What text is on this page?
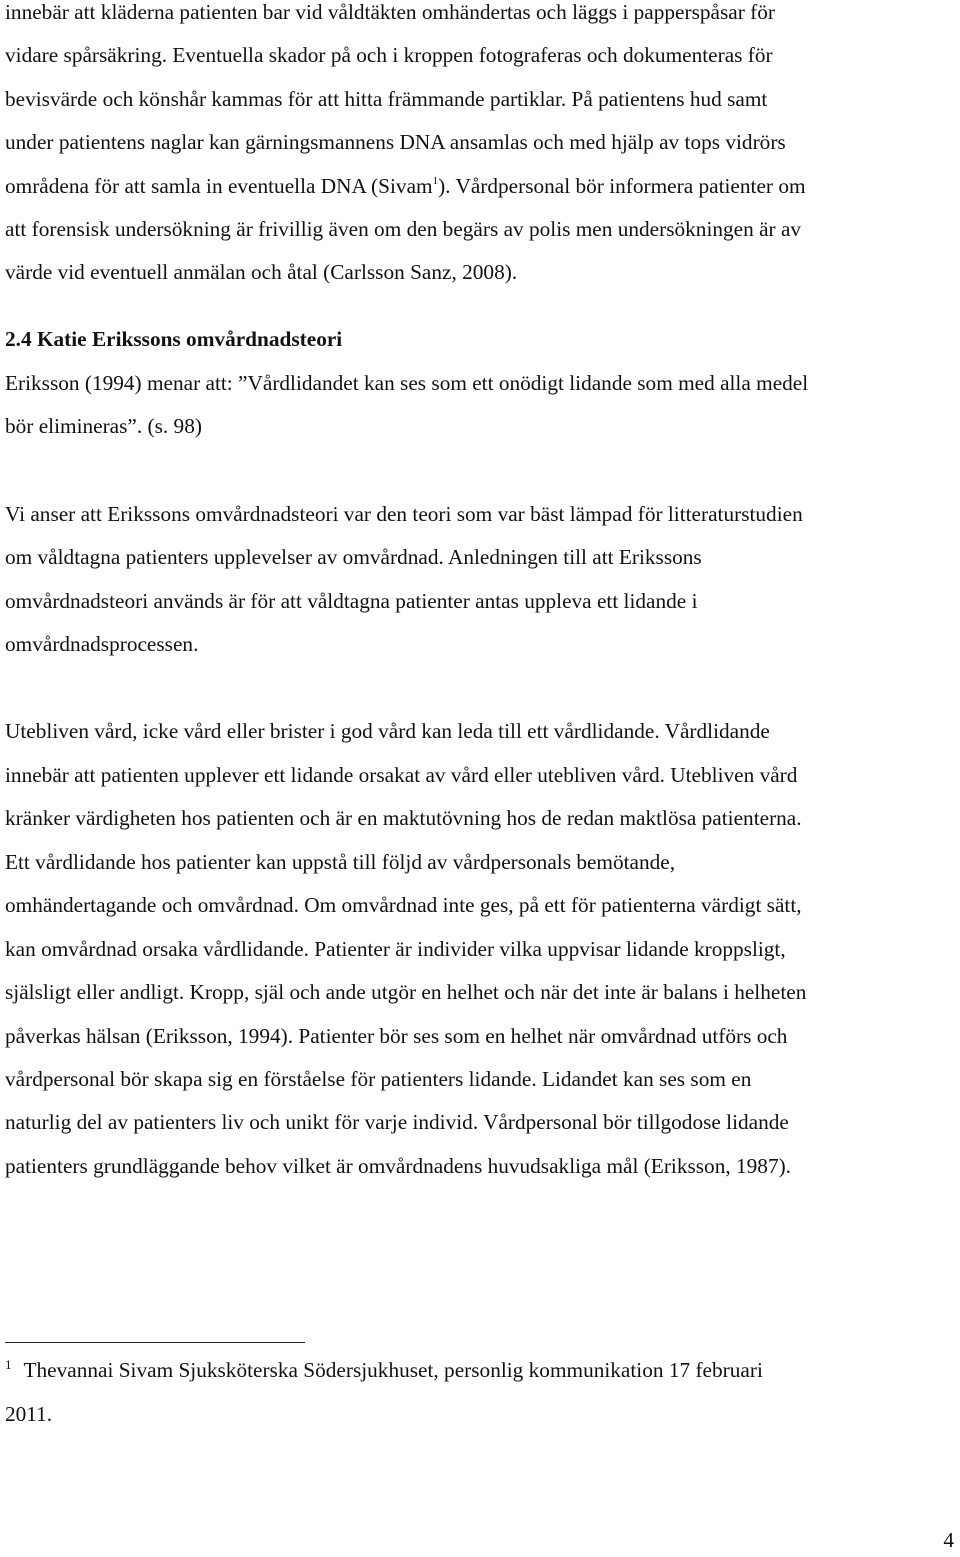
innebär att kläderna patienten bar vid våldtäkten omhändertas och läggs i papperspåsar för
vidare spårsäkring. Eventuella skador på och i kroppen fotograferas och dokumenteras för
bevisvärde och könshår kammas för att hitta främmande partiklar. På patientens hud samt
under patientens naglar kan gärningsmannens DNA ansamlas och med hjälp av tops vidrörs
områdena för att samla in eventuella DNA (Sivam$^1$). Vårdpersonal bör informera patienter om
att forensisk undersökning är frivillig även om den begärs av polis men undersökningen är av
värde vid eventuell anmälan och åtal (Carlsson Sanz, 2008).
2.4 Katie Erikssons omvårdnadsteori
Eriksson (1994) menar att: ”Vårdlidandet kan ses som ett onödigt lidande som med alla medel
bör elimineras”. (s. 98)
Vi anser att Erikssons omvårdnadsteori var den teori som var bäst lämpad för litteraturstudien
om våldtagna patienters upplevelser av omvårdnad. Anledningen till att Erikssons
omvårdnadsteori används är för att våldtagna patienter antas uppleva ett lidande i
omvårdnadsprocessen.
Utebliven vård, icke vård eller brister i god vård kan leda till ett vårdlidande. Vårdlidande
innebär att patienten upplever ett lidande orsakat av vård eller utebliven vård. Utebliven vård
kränker värdigheten hos patienten och är en maktutövning hos de redan maktlösa patienterna.
Ett vårdlidande hos patienter kan uppstå till följd av vårdpersonals bemötande,
omhändertagande och omvårdnad. Om omvårdnad inte ges, på ett för patienterna värdigt sätt,
kan omvårdnad orsaka vårdlidande. Patienter är individer vilka uppvisar lidande kroppsligt,
själsligt eller andligt. Kropp, själ och ande utgör en helhet och när det inte är balans i helheten
påverkas hälsan (Eriksson, 1994). Patienter bör ses som en helhet när omvårdnad utförs och
vårdpersonal bör skapa sig en förståelse för patienters lidande. Lidandet kan ses som en
naturlig del av patienters liv och unikt för varje individ. Vårdpersonal bör tillgodose lidande
patienters grundläggande behov vilket är omvårdnadens huvudsakliga mål (Eriksson, 1987).
$^1$ Thevannai Sivam Sjuksköterska Södersjukhuset, personlig kommunikation 17 februari
2011.
4
